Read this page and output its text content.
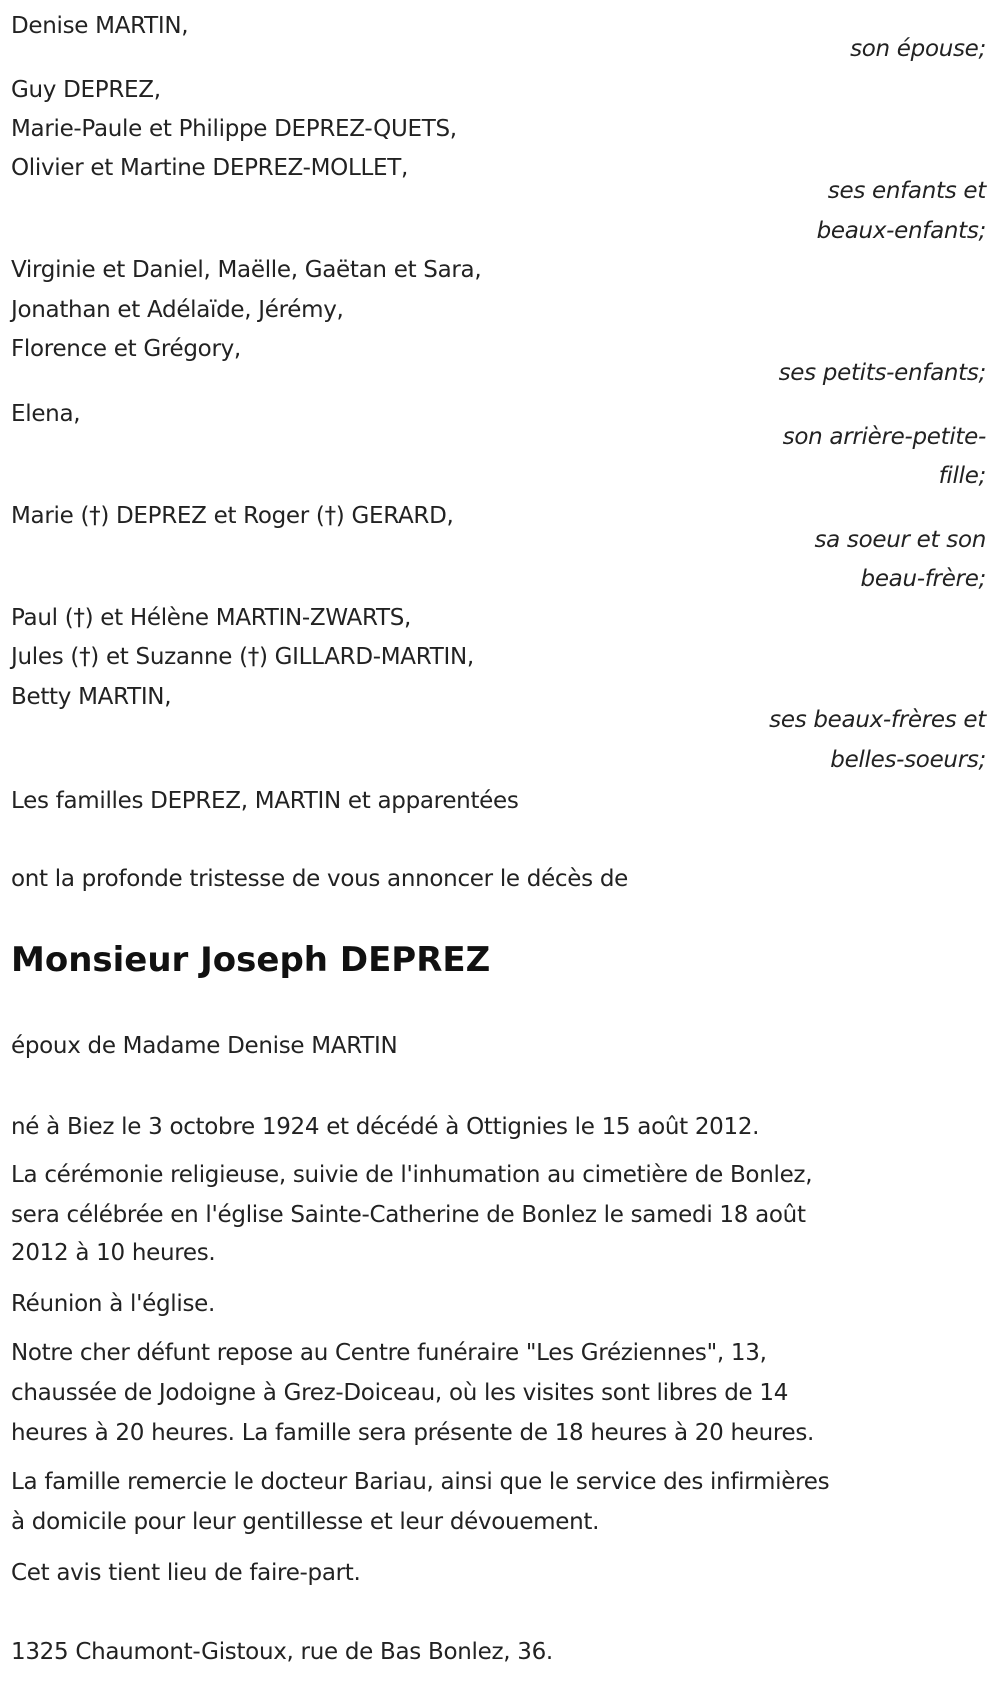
Denise MARTIN,
son épouse;
Guy DEPREZ,
Marie-Paule et Philippe DEPREZ-QUETS,
Olivier et Martine DEPREZ-MOLLET,
ses enfants et
beaux-enfants;
Virginie et Daniel, Maëlle, Gaëtan et Sara,
Jonathan et Adélaïde, Jérémy,
Florence et Grégory,
ses petits-enfants;
Elena,
son arrière-petite-
fille;
Marie (†) DEPREZ et Roger (†) GERARD,
sa soeur et son
beau-frère;
Paul (†) et Hélène MARTIN-ZWARTS,
Jules (†) et Suzanne (†) GILLARD-MARTIN,
Betty MARTIN,
ses beaux-frères et
belles-soeurs;
Les familles DEPREZ, MARTIN et apparentées
ont la profonde tristesse de vous annoncer le décès de
Monsieur Joseph DEPREZ
époux de Madame Denise MARTIN
né à Biez le 3 octobre 1924 et décédé à Ottignies le 15 août 2012.
La cérémonie religieuse, suivie de l'inhumation au cimetière de Bonlez,
sera célébrée en l'église Sainte-Catherine de Bonlez le samedi 18 août
2012 à 10 heures.
Réunion à l'église.
Notre cher défunt repose au Centre funéraire "Les Gréziennes", 13,
chaussée de Jodoigne à Grez-Doiceau, où les visites sont libres de 14
heures à 20 heures. La famille sera présente de 18 heures à 20 heures.
La famille remercie le docteur Bariau, ainsi que le service des infirmières
à domicile pour leur gentillesse et leur dévouement.
Cet avis tient lieu de faire-part.
1325 Chaumont-Gistoux, rue de Bas Bonlez, 36.
